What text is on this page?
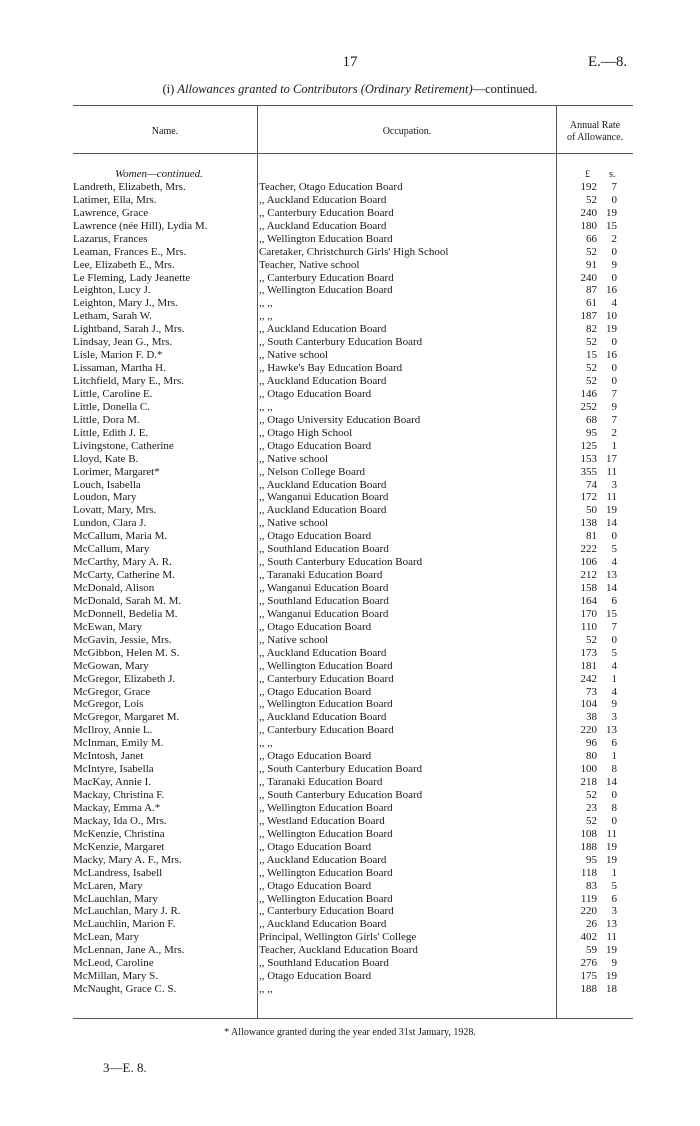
17	E.—8.
(i) Allowances granted to Contributors (Ordinary Retirement)—continued.
Name.	Occupation.
Annual Rate
of Allowance.
Women—continued.	£ s.
Landreth, Elizabeth, Mrs.	Teacher, Otago Education Board	192	7
Latimer, Ella, Mrs.	,, Auckland Education Board	52	0
Lawrence, Grace	,, Canterbury Education Board	240 19
Lawrence (née Hill), Lydia M.	,, Auckland Education Board	180 15
Lazarus, Frances	,, Wellington Education Board	66	2
Leaman, Frances E., Mrs.	Caretaker, Christchurch Girls' High School	52	0
Lee, Elizabeth E., Mrs.	Teacher, Native school	91	9
Le Fleming, Lady Jeanette	,, Canterbury Education Board	240	0
Leighton, Lucy J.	,, Wellington Education Board	87 16
Leighton, Mary J., Mrs.	,, ,,	61	4
Letham, Sarah W.	,, ,,	187 10
Lightband, Sarah J., Mrs.	,, Auckland Education Board	82 19
Lindsay, Jean G., Mrs.	,, South Canterbury Education Board	52	0
Lisle, Marion F. D.*	,, Native school	15 16
Lissaman, Martha H.	,, Hawke's Bay Education Board	52	0
Litchfield, Mary E., Mrs.	,, Auckland Education Board	52	0
Little, Caroline E.	,, Otago Education Board	146	7
Little, Donella C.	,, ,,	252	9
Little, Dora M.	,, Otago University Education Board	68	7
Little, Edith J. E.	,, Otago High School	95	2
Livingstone, Catherine	,, Otago Education Board	125	1
Lloyd, Kate B.	,, Native school	153 17
Lorimer, Margaret*	,, Nelson College Board	355 11
Louch, Isabella	,, Auckland Education Board	74	3
Loudon, Mary	,, Wanganui Education Board	172 11
Lovatt, Mary, Mrs.	,, Auckland Education Board	50 19
Lundon, Clara J.	,, Native school	138 14
McCallum, Maria M.	,, Otago Education Board	81	0
McCallum, Mary	,, Southland Education Board	222	5
McCarthy, Mary A. R.	,, South Canterbury Education Board	106	4
McCarty, Catherine M.	,, Taranaki Education Board	212 13
McDonald, Alison	,, Wanganui Education Board	158 14
McDonald, Sarah M. M.	,, Southland Education Board	164	6
McDonnell, Bedelia M.	,, Wanganui Education Board	170 15
McEwan, Mary	,, Otago Education Board	110	7
McGavin, Jessie, Mrs.	,, Native school	52	0
McGibbon, Helen M. S.	,, Auckland Education Board	173	5
McGowan, Mary	,, Wellington Education Board	181	4
McGregor, Elizabeth J.	,, Canterbury Education Board	242	1
McGregor, Grace	,, Otago Education Board	73	4
McGregor, Lois	,, Wellington Education Board	104	9
McGregor, Margaret M.	,, Auckland Education Board	38	3
McIlroy, Annie L.	,, Canterbury Education Board	220 13
McInman, Emily M.	,, ,,	96	6
McIntosh, Janet	,, Otago Education Board	80	1
McIntyre, Isabella	,, South Canterbury Education Board	100	8
MacKay, Annie I.	,, Taranaki Education Board	218 14
Mackay, Christina F.	,, South Canterbury Education Board	52	0
Mackay, Emma A.*	,, Wellington Education Board	23	8
Mackay, Ida O., Mrs.	,, Westland Education Board	52	0
McKenzie, Christina	,, Wellington Education Board	108 11
McKenzie, Margaret	,, Otago Education Board	188 19
Macky, Mary A. F., Mrs.	,, Auckland Education Board	95 19
McLandress, Isabell	,, Wellington Education Board	118	1
McLaren, Mary	,, Otago Education Board	83	5
McLauchlan, Mary	,, Wellington Education Board	119	6
McLauchlan, Mary J. R.	,, Canterbury Education Board	220	3
McLauchlin, Marion F.	,, Auckland Education Board	26 13
McLean, Mary	Principal, Wellington Girls' College	402 11
McLennan, Jane A., Mrs.	Teacher, Auckland Education Board	59 19
McLeod, Caroline	,, Southland Education Board	276	9
McMillan, Mary S.	,, Otago Education Board	175 19
McNaught, Grace C. S.	,, ,,	188 18
* Allowance granted during the year ended 31st January, 1928.
3—E. 8.
